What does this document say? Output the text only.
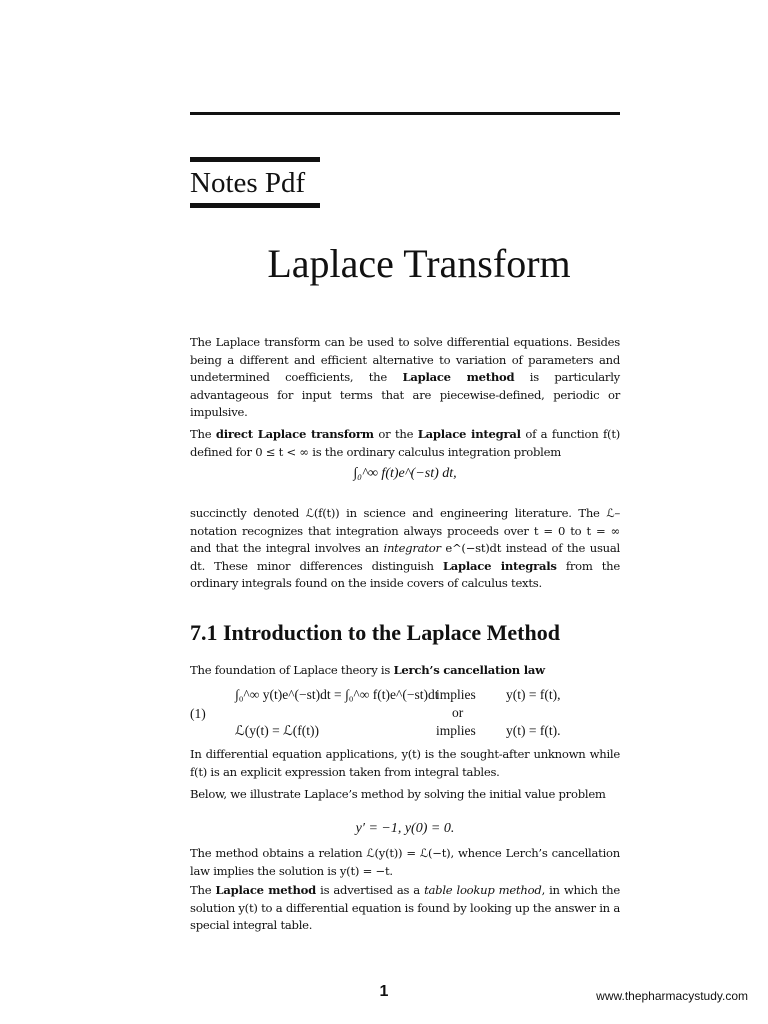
Notes Pdf
Laplace Transform
The Laplace transform can be used to solve differential equations. Besides being a different and efficient alternative to variation of parameters and undetermined coefficients, the Laplace method is particularly advantageous for input terms that are piecewise-defined, periodic or impulsive.
The direct Laplace transform or the Laplace integral of a function f(t) defined for 0 ≤ t < ∞ is the ordinary calculus integration problem
∫₀^∞ f(t)e^(−st) dt,
succinctly denoted ℒ(f(t)) in science and engineering literature. The ℒ–notation recognizes that integration always proceeds over t = 0 to t = ∞ and that the integral involves an integrator e^(−st)dt instead of the usual dt. These minor differences distinguish Laplace integrals from the ordinary integrals found on the inside covers of calculus texts.
7.1 Introduction to the Laplace Method
The foundation of Laplace theory is Lerch’s cancellation law
(1)
∫₀^∞ y(t)e^(−st)dt = ∫₀^∞ f(t)e^(−st)dt
implies y(t) = f(t),
or
ℒ(y(t) = ℒ(f(t))	implies y(t) = f(t).
In differential equation applications, y(t) is the sought-after unknown while f(t) is an explicit expression taken from integral tables.
Below, we illustrate Laplace’s method by solving the initial value problem
y′ = −1, y(0) = 0.
The method obtains a relation ℒ(y(t)) = ℒ(−t), whence Lerch’s cancellation law implies the solution is y(t) = −t.
The Laplace method is advertised as a table lookup method, in which the solution y(t) to a differential equation is found by looking up the answer in a special integral table.
1	www.thepharmacystudy.com
